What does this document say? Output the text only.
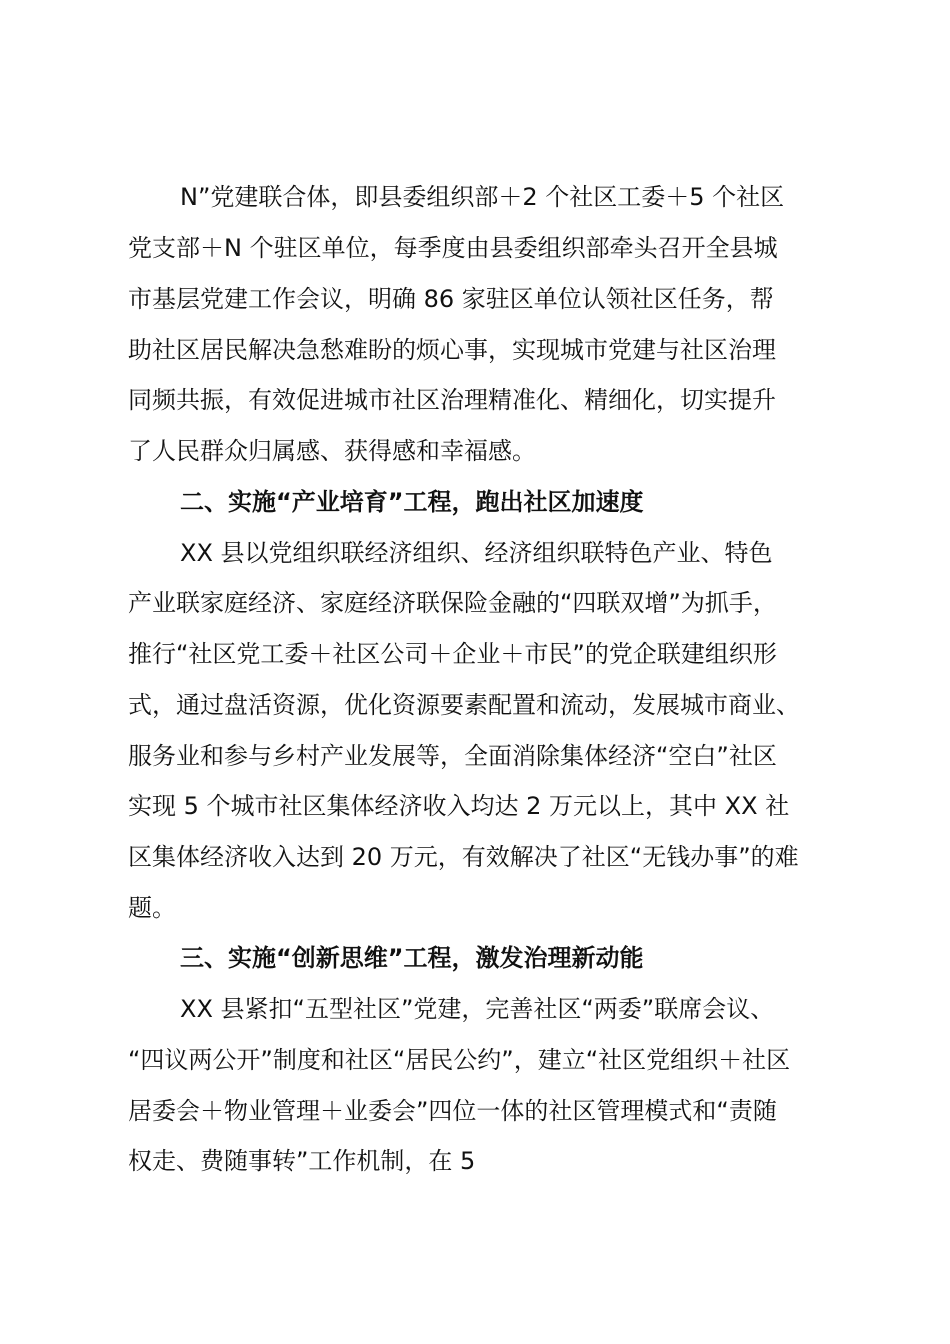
N”党建联合体，即县委组织部＋2 个社区工委＋5 个社区
党支部＋N 个驻区单位，每季度由县委组织部牵头召开全县城
市基层党建工作会议，明确 86 家驻区单位认领社区任务，帮
助社区居民解决急愁难盼的烦心事，实现城市党建与社区治理
同频共振，有效促进城市社区治理精准化、精细化，切实提升
了人民群众归属感、获得感和幸福感。
二、实施“产业培育”工程，跑出社区加速度
XX 县以党组织联经济组织、经济组织联特色产业、特色
产业联家庭经济、家庭经济联保险金融的“四联双增”为抓手，
推行“社区党工委＋社区公司＋企业＋市民”的党企联建组织形
式，通过盘活资源，优化资源要素配置和流动，发展城市商业、
服务业和参与乡村产业发展等，全面消除集体经济“空白”社区
实现 5 个城市社区集体经济收入均达 2 万元以上，其中 XX 社
区集体经济收入达到 20 万元，有效解决了社区“无钱办事”的难
题。
三、实施“创新思维”工程，激发治理新动能
XX 县紧扣“五型社区”党建，完善社区“两委”联席会议、
“四议两公开”制度和社区“居民公约”，建立“社区党组织＋社区
居委会＋物业管理＋业委会”四位一体的社区管理模式和“责随
权走、费随事转”工作机制，在 5
